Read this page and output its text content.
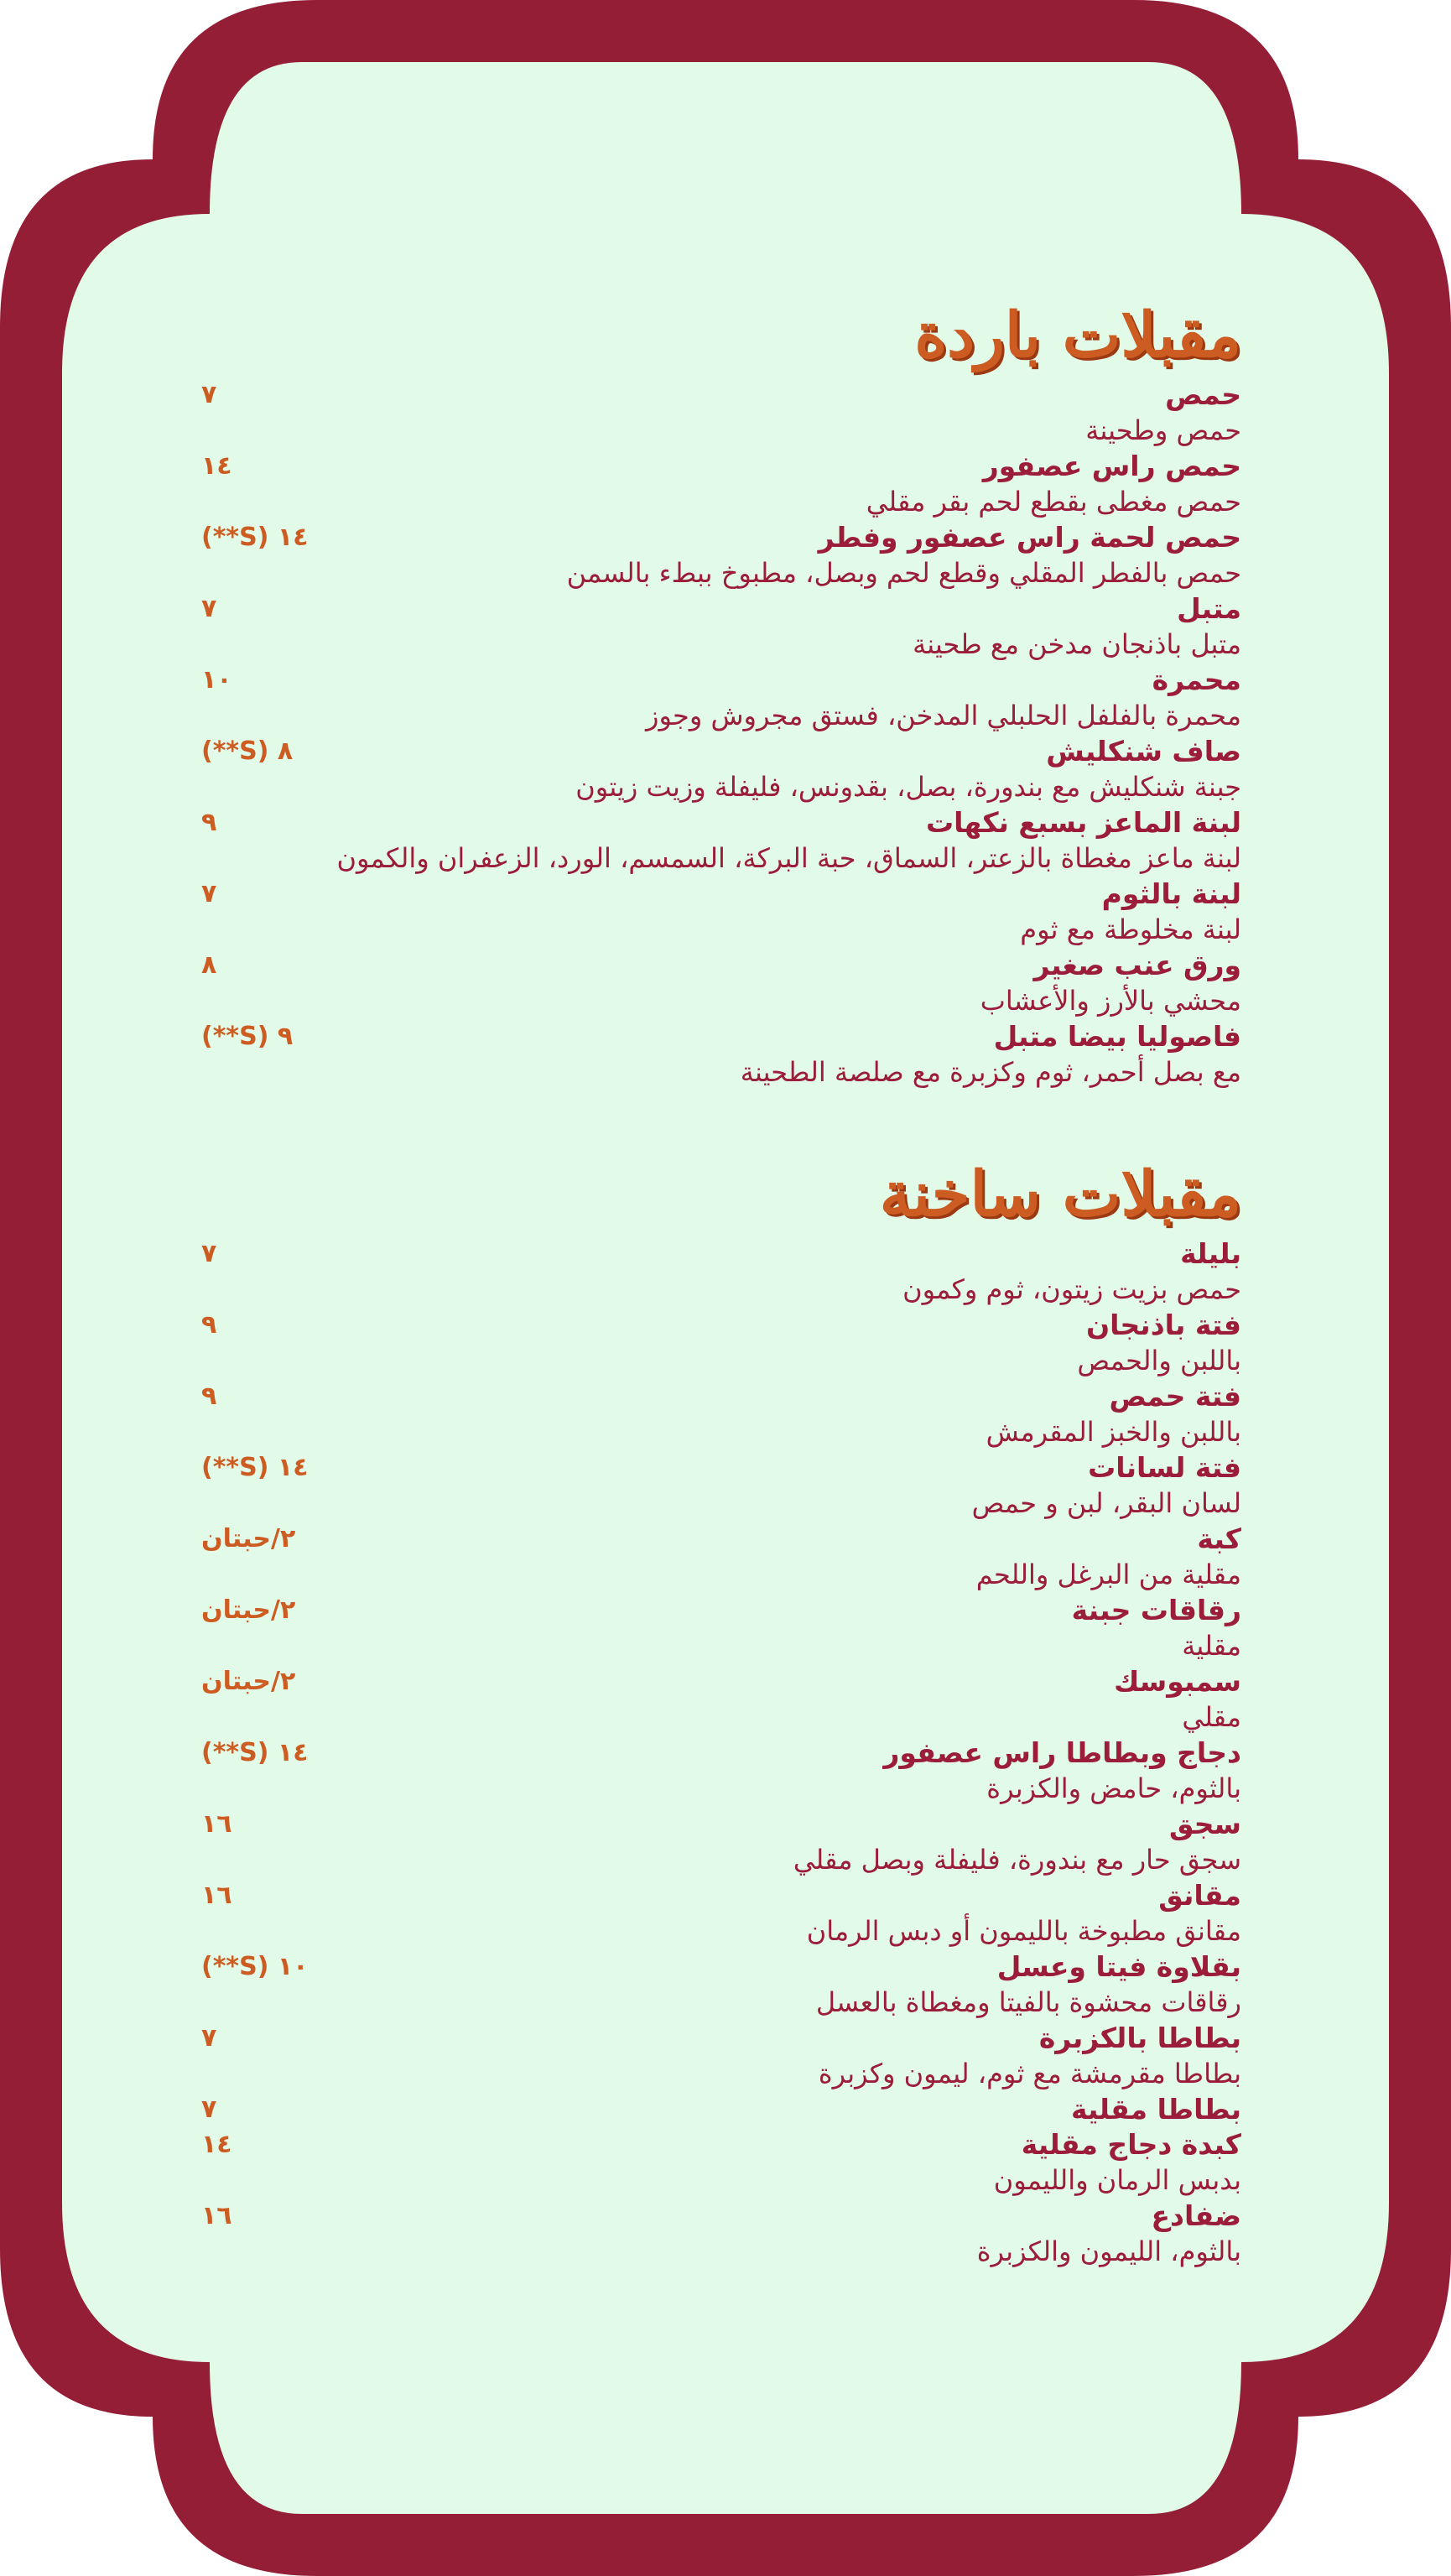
مقبلات باردة
حمص
٧
حمص وطحينة
حمص راس عصفور
١٤
حمص مغطى بقطع لحم بقر مقلي
حمص لحمة راس عصفور وفطر
١٤ (S**)
حمص بالفطر المقلي وقطع لحم وبصل، مطبوخ ببطء بالسمن
متبل
٧
متبل باذنجان مدخن مع طحينة
محمرة
١٠
محمرة بالفلفل الحلبلي المدخن، فستق مجروش وجوز
صاف شنكليش
٨ (S**)
جبنة شنكليش مع بندورة، بصل، بقدونس، فليفلة وزيت زيتون
لبنة الماعز بسبع نكهات
٩
لبنة ماعز مغطاة بالزعتر، السماق، حبة البركة، السمسم، الورد، الزعفران والكمون
لبنة بالثوم
٧
لبنة مخلوطة مع ثوم
ورق عنب صغير
٨
محشي بالأرز والأعشاب
فاصوليا بيضا متبل
٩ (S**)
مع بصل أحمر، ثوم وكزبرة مع صلصة الطحينة
مقبلات ساخنة
بليلة
٧
حمص بزيت زيتون، ثوم وكمون
فتة باذنجان
٩
باللبن والحمص
فتة حمص
٩
باللبن والخبز المقرمش
فتة لسانات
١٤ (S**)
لسان البقر، لبن و حمص
كبة
٢/حبتان
مقلية من البرغل واللحم
رقاقات جبنة
٢/حبتان
مقلية
سمبوسك
٢/حبتان
مقلي
دجاج وبطاطا راس عصفور
١٤ (S**)
بالثوم، حامض والكزبرة
سجق
١٦
سجق حار مع بندورة، فليفلة وبصل مقلي
مقانق
١٦
مقانق مطبوخة بالليمون أو دبس الرمان
بقلاوة فيتا وعسل
١٠ (S**)
رقاقات محشوة بالفيتا ومغطاة بالعسل
بطاطا بالكزبرة
٧
بطاطا مقرمشة مع ثوم، ليمون وكزبرة
بطاطا مقلية
٧
كبدة دجاج مقلية
١٤
بدبس الرمان والليمون
ضفادع
١٦
بالثوم، الليمون والكزبرة
